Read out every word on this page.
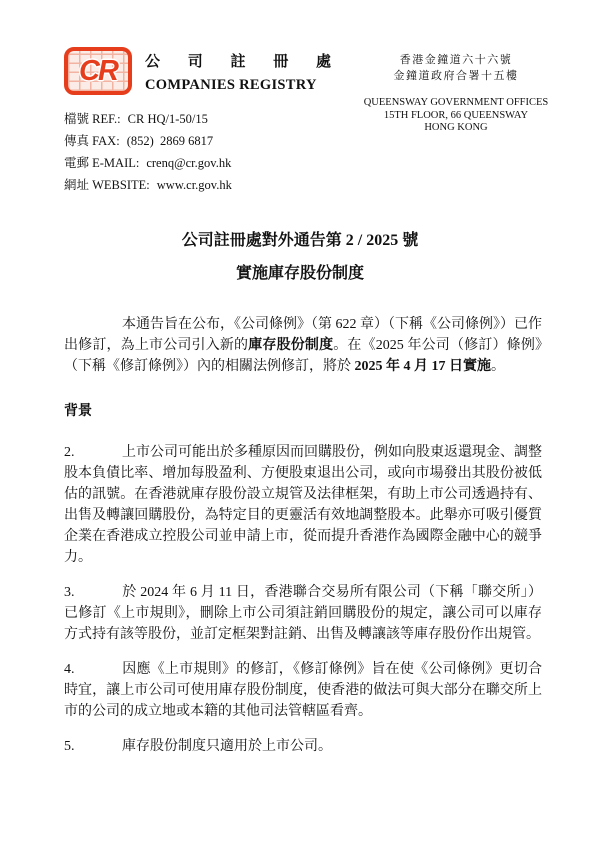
CR 公 司 註 冊 處
COMPANIES REGISTRY
香港金鐘道六十六號
金鐘道政府合署十五樓
QUEENSWAY GOVERNMENT OFFICES
15TH FLOOR, 66 QUEENSWAY
HONG KONG
檔號 REF.: CR HQ/1-50/15
傳真 FAX: (852)  2869 6817
電郵 E-MAIL: crenq@cr.gov.hk
網址 WEBSITE: www.cr.gov.hk
公司註冊處對外通告第 2 / 2025 號
實施庫存股份制度

本通告旨在公布，《公司條例》（第 622 章）（下稱《公司條例》）已作出修訂，為上市公司引入新的庫存股份制度。在《2025 年公司（修訂）條例》（下稱《修訂條例》）內的相關法例修訂，將於 2025 年 4 月 17 日實施。

背景

2.	上市公司可能出於多種原因而回購股份，例如向股東返還現金、調整股本負債比率、增加每股盈利、方便股東退出公司，或向市場發出其股份被低估的訊號。在香港就庫存股份設立規管及法律框架，有助上市公司透過持有、出售及轉讓回購股份，為特定目的更靈活有效地調整股本。此舉亦可吸引優質企業在香港成立控股公司並申請上市，從而提升香港作為國際金融中心的競爭力。

3.	於 2024 年 6 月 11 日，香港聯合交易所有限公司（下稱「聯交所」）已修訂《上市規則》，刪除上市公司須註銷回購股份的規定，讓公司可以庫存方式持有該等股份，並訂定框架對註銷、出售及轉讓該等庫存股份作出規管。

4.	因應《上市規則》的修訂，《修訂條例》旨在使《公司條例》更切合時宜，讓上市公司可使用庫存股份制度，使香港的做法可與大部分在聯交所上市的公司的成立地或本籍的其他司法管轄區看齊。

5.	庫存股份制度只適用於上市公司。
